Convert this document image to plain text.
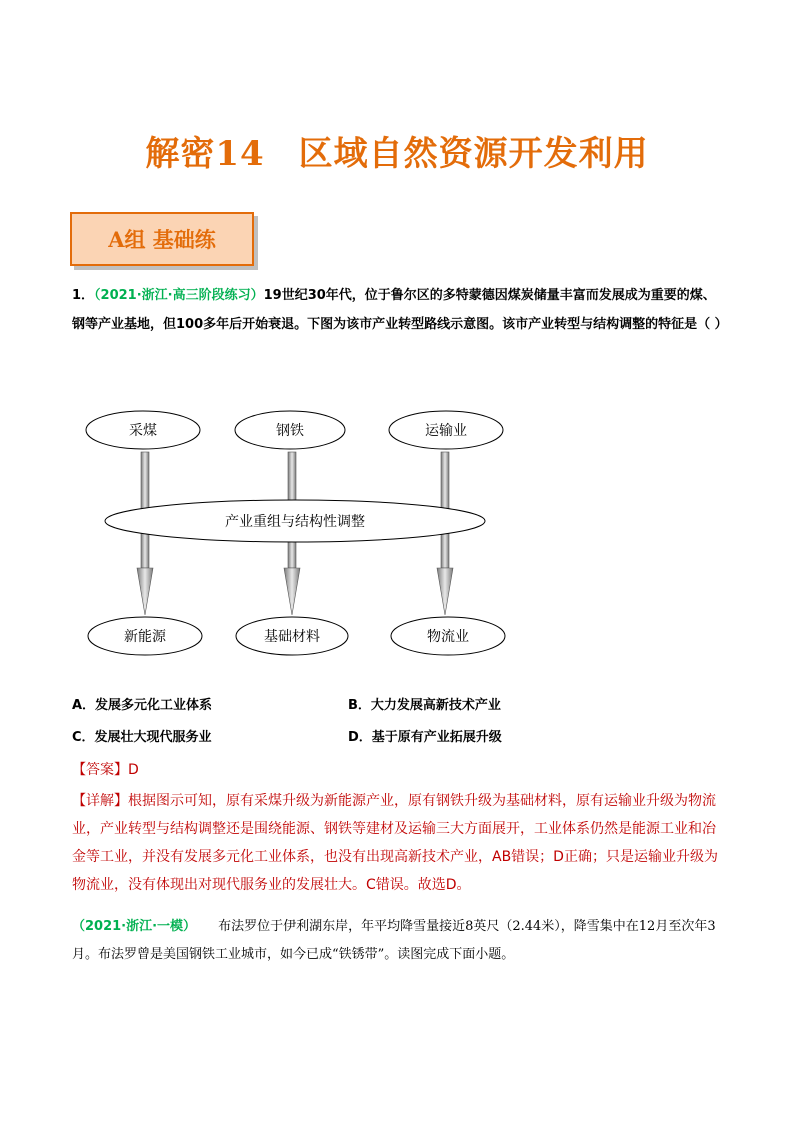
解密14 区域自然资源开发利用
A组 基础练
1．（2021·浙江·高三阶段练习）19世纪30年代，位于鲁尔区的多特蒙德因煤炭储量丰富而发展成为重要的煤、钢等产业基地，但100多年后开始衰退。下图为该市产业转型路线示意图。该市产业转型与结构调整的特征是（ ）
采煤	钢铁	运输业
产业重组与结构性调整
新能源	基础材料	物流业
A．发展多元化工业体系	B．大力发展高新技术产业
C．发展壮大现代服务业	D．基于原有产业拓展升级
【答案】D
【详解】根据图示可知，原有采煤升级为新能源产业，原有钢铁升级为基础材料，原有运输业升级为物流业，产业转型与结构调整还是围绕能源、钢铁等建材及运输三大方面展开，工业体系仍然是能源工业和冶金等工业，并没有发展多元化工业体系，也没有出现高新技术产业，AB错误；D正确；只是运输业升级为物流业，没有体现出对现代服务业的发展壮大。C错误。故选D。
（2021·浙江·一模） 布法罗位于伊利湖东岸，年平均降雪量接近8英尺（2.44米），降雪集中在12月至次年3月。布法罗曾是美国钢铁工业城市，如今已成“铁锈带”。读图完成下面小题。
